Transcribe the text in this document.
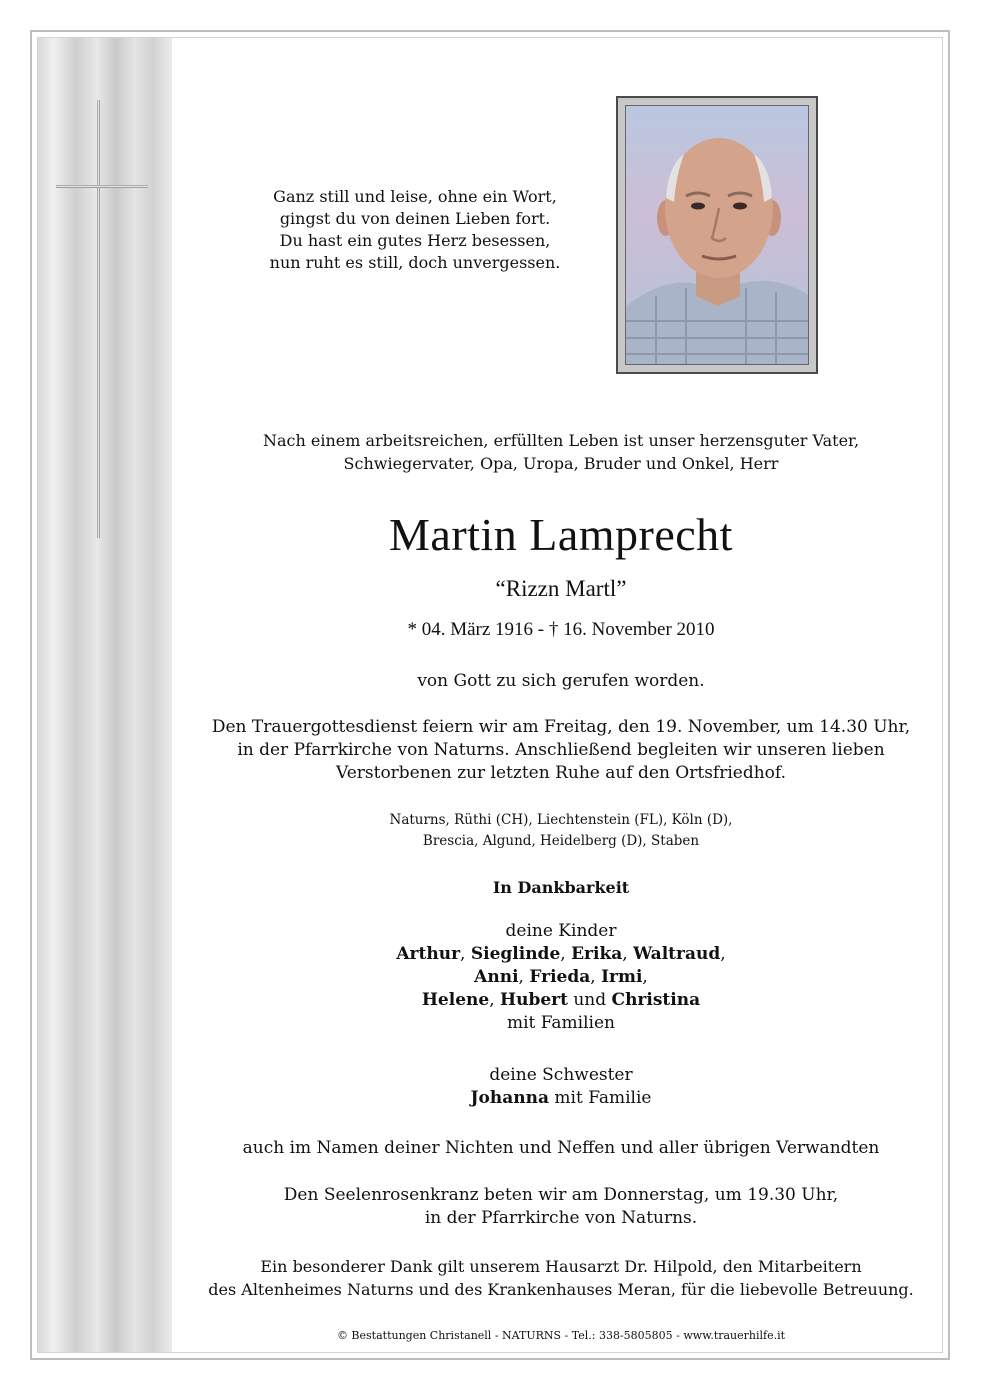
Ganz still und leise, ohne ein Wort,
gingst du von deinen Lieben fort.
Du hast ein gutes Herz besessen,
nun ruht es still, doch unvergessen.
Nach einem arbeitsreichen, erfüllten Leben ist unser herzensguter Vater,
Schwiegervater, Opa, Uropa, Bruder und Onkel, Herr
Martin Lamprecht
“Rizzn Martl”
* 04. März 1916 - † 16. November 2010
von Gott zu sich gerufen worden.
Den Trauergottesdienst feiern wir am Freitag, den 19. November, um 14.30 Uhr,
in der Pfarrkirche von Naturns. Anschließend begleiten wir unseren lieben
Verstorbenen zur letzten Ruhe auf den Ortsfriedhof.
Naturns, Rüthi (CH), Liechtenstein (FL), Köln (D),
Brescia, Algund, Heidelberg (D), Staben
In Dankbarkeit
deine Kinder
Arthur, Sieglinde, Erika, Waltraud,
Anni, Frieda, Irmi,
Helene, Hubert und Christina
mit Familien
deine Schwester
Johanna mit Familie
auch im Namen deiner Nichten und Neffen und aller übrigen Verwandten
Den Seelenrosenkranz beten wir am Donnerstag, um 19.30 Uhr,
in der Pfarrkirche von Naturns.
Ein besonderer Dank gilt unserem Hausarzt Dr. Hilpold, den Mitarbeitern
des Altenheimes Naturns und des Krankenhauses Meran, für die liebevolle Betreuung.
© Bestattungen Christanell - NATURNS - Tel.: 338-5805805 - www.trauerhilfe.it
